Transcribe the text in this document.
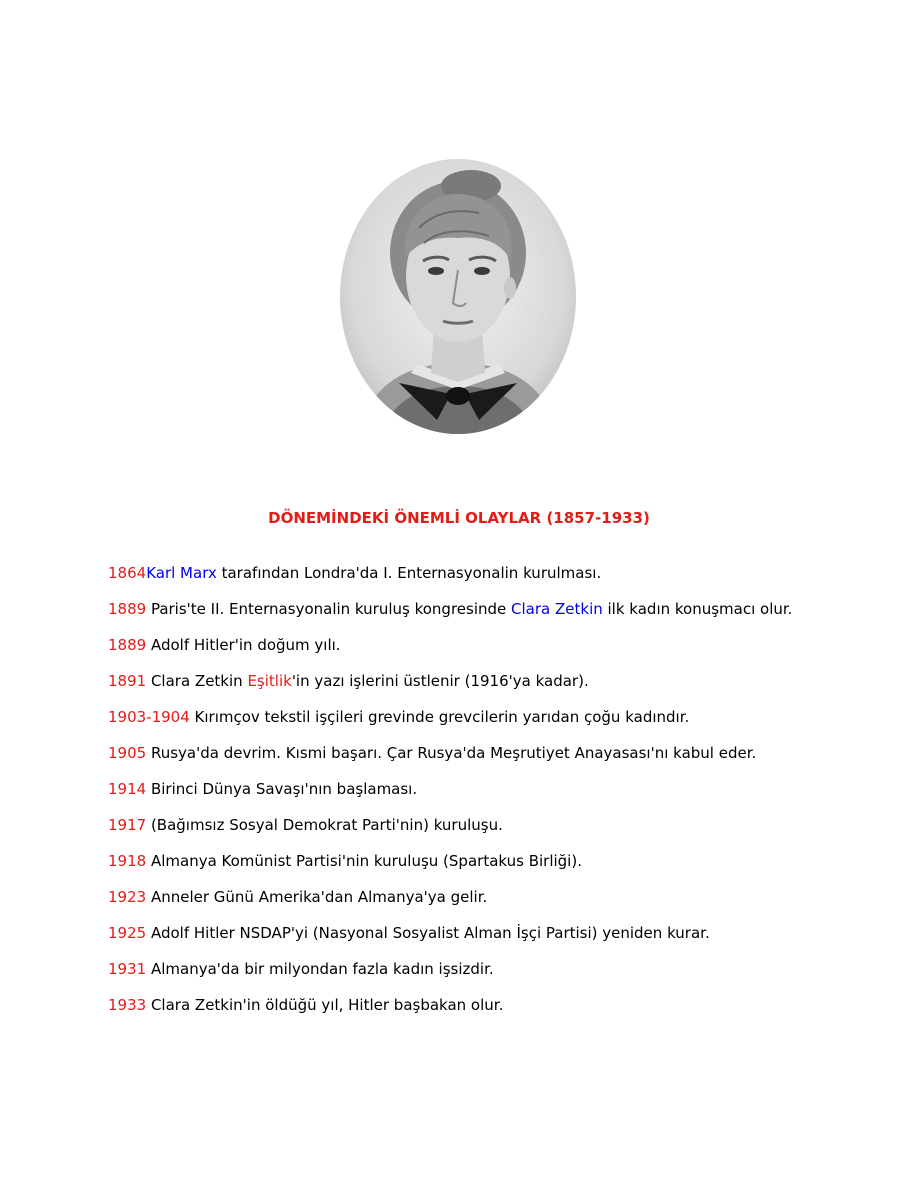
DÖNEMİNDEKİ ÖNEMLİ OLAYLAR (1857-1933)
1864Karl Marx tarafından Londra'da I. Enternasyonalin kurulması.
1889 Paris'te II. Enternasyonalin kuruluş kongresinde Clara Zetkin ilk kadın konuşmacı olur.
1889 Adolf Hitler'in doğum yılı.
1891 Clara Zetkin Eşitlik'in yazı işlerini üstlenir (1916'ya kadar).
1903-1904 Kırımçov tekstil işçileri grevinde grevcilerin yarıdan çoğu kadındır.
1905 Rusya'da devrim. Kısmi başarı. Çar Rusya'da Meşrutiyet Anayasası'nı kabul eder.
1914 Birinci Dünya Savaşı'nın başlaması.
1917 (Bağımsız Sosyal Demokrat Parti'nin) kuruluşu.
1918 Almanya Komünist Partisi'nin kuruluşu (Spartakus Birliği).
1923 Anneler Günü Amerika'dan Almanya'ya gelir.
1925 Adolf Hitler NSDAP'yi (Nasyonal Sosyalist Alman İşçi Partisi) yeniden kurar.
1931 Almanya'da bir milyondan fazla kadın işsizdir.
1933 Clara Zetkin'in öldüğü yıl, Hitler başbakan olur.
